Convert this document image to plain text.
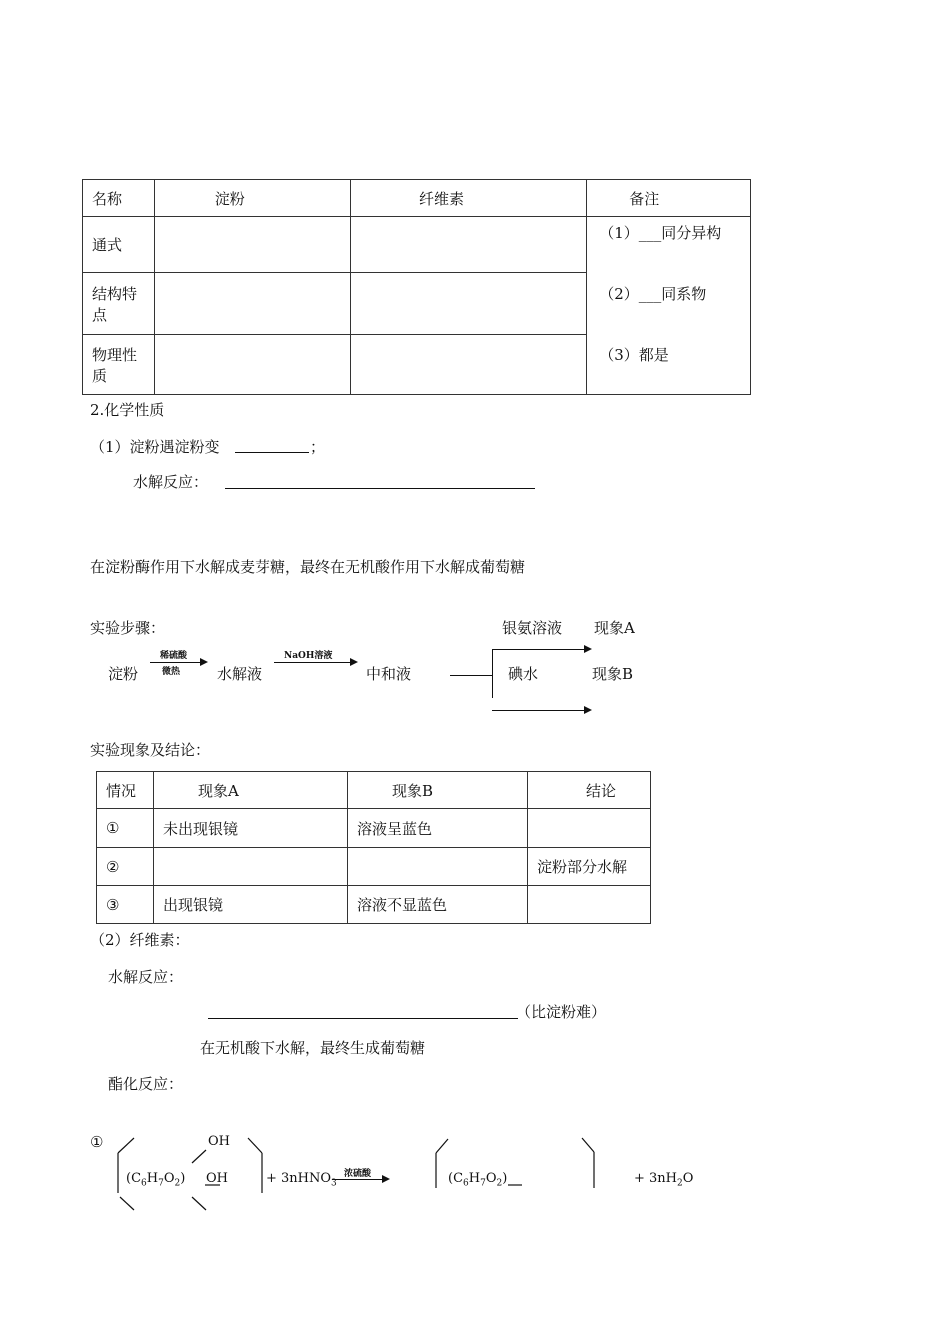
名称	淀粉	纤维素	备注
通式			（1）___同分异构
（2）___同系物
（3）都是

结构特点			
物理性质			
2.化学性质
（1）淀粉遇淀粉变	；
水解反应：
在淀粉酶作用下水解成麦芽糖，最终在无机酸作用下水解成葡萄糖
实验步骤：	银氨溶液 现象A
淀粉
稀硫酸
微热 水解液
NaOH溶液
中和液	碘水	现象B
实验现象及结论：
情况	现象A	现象B	结论
①	未出现银镜	溶液呈蓝色	
②			淀粉部分水解
③	出现银镜	溶液不显蓝色	
（2）纤维素：
水解反应：
（比淀粉难）
在无机酸下水解，最终生成葡萄糖
酯化反应：
①	OH
$(C_6H_7O_2)$ OH	+ 3nHNO$_3$
浓硫酸	$(C_6H_7O_2)$	+ $3nH_2O$
